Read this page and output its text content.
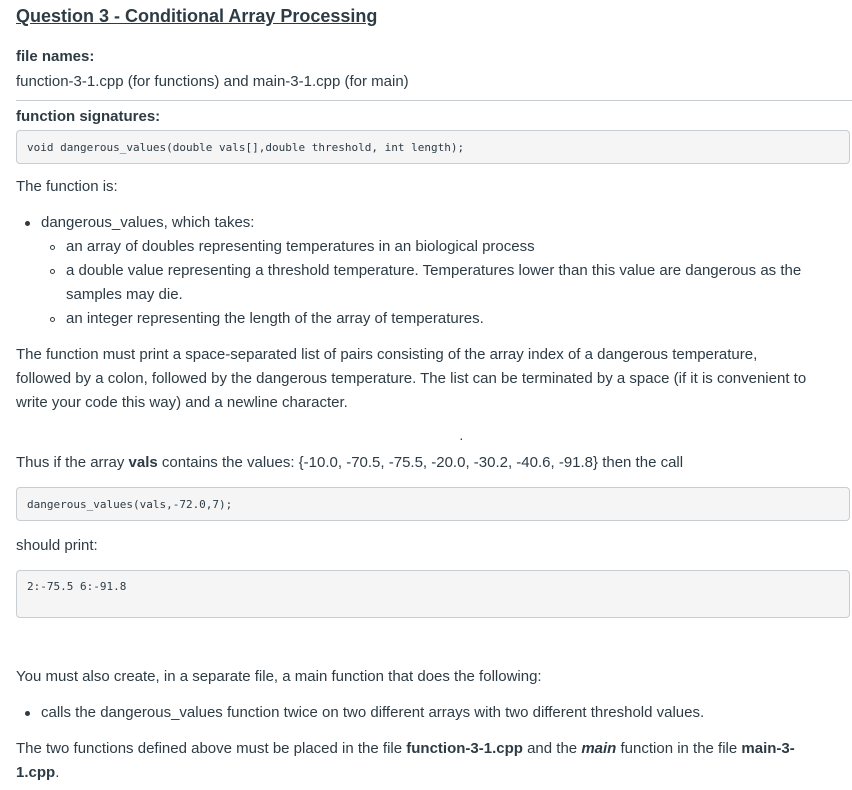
Question 3 - Conditional Array Processing
file names:
function-3-1.cpp (for functions) and main-3-1.cpp (for main)
function signatures:
void dangerous_values(double vals[],double threshold, int length);
The function is:
dangerous_values, which takes:
an array of doubles representing temperatures in an biological process
a double value representing a threshold temperature. Temperatures lower than this value are dangerous as the
samples may die.
an integer representing the length of the array of temperatures.
The function must print a space-separated list of pairs consisting of the array index of a dangerous temperature,
followed by a colon, followed by the dangerous temperature. The list can be terminated by a space (if it is convenient to
write your code this way) and a newline character.
·
Thus if the array vals contains the values: {-10.0, -70.5, -75.5, -20.0, -30.2, -40.6, -91.8} then the call
dangerous_values(vals,-72.0,7);
should print:
2:-75.5 6:-91.8
You must also create, in a separate file, a main function that does the following:
calls the dangerous_values function twice on two different arrays with two different threshold values.
The two functions defined above must be placed in the file function-3-1.cpp and the main function in the file main-3-
1.cpp.
